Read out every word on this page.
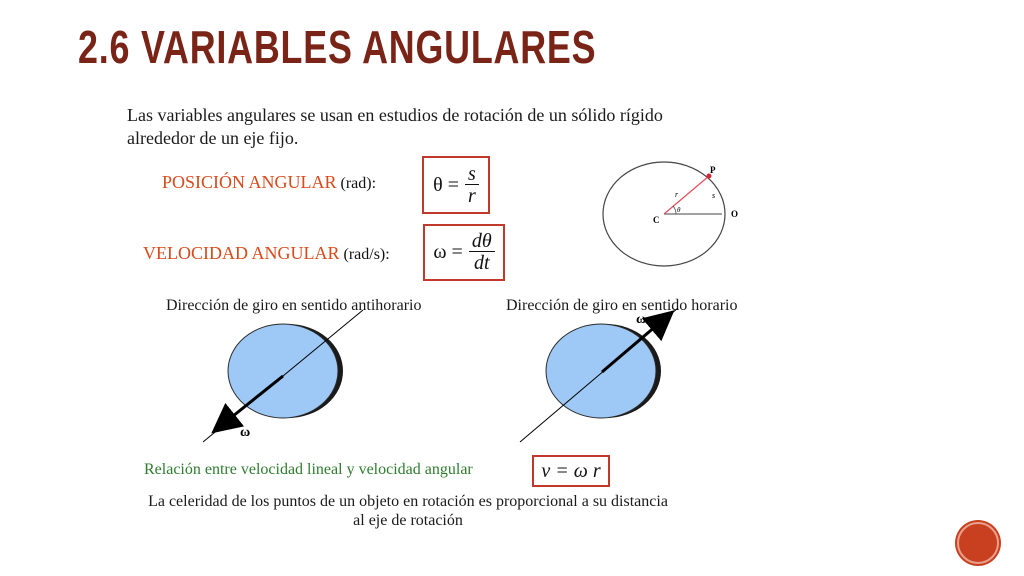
2.6 VARIABLES ANGULARES
Las variables angulares se usan en estudios de rotación de un sólido rígido
alrededor de un eje fijo.
POSICIÓN ANGULAR (rad):	$\theta = \frac{s}{r}$
VELOCIDAD ANGULAR (rad/s): $\omega = \frac{d\theta}{dt}$
P
C
O
r	s
θ
Dirección de giro en sentido antihorario	Dirección de giro en sentido horario
ω
ω
Relación entre velocidad lineal y velocidad angular	v = ω r
La celeridad de los puntos de un objeto en rotación es proporcional a su distancia
al eje de rotación
